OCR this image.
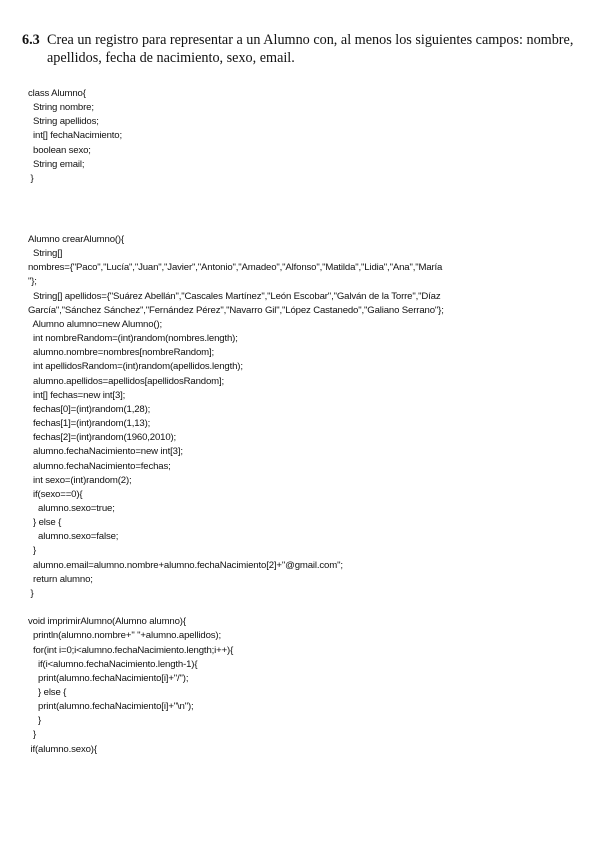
6.3 Crea un registro para representar a un Alumno con, al menos los siguientes campos: nombre, apellidos, fecha de nacimiento, sexo, email.
class Alumno{
String nombre;
String apellidos;
int[] fechaNacimiento;
boolean sexo;
String email;
}
Alumno crearAlumno(){
String[]
nombres={"Paco","Lucía","Juan","Javier","Antonio","Amadeo","Alfonso","Matilda","Lidia","Ana","María
"};
String[] apellidos={"Suárez Abellán","Cascales Martínez","León Escobar","Galván de la Torre","Díaz
García","Sánchez Sánchez","Fernández Pérez","Navarro Gil","López Castanedo","Galiano Serrano"};
Alumno alumno=new Alumno();
int nombreRandom=(int)random(nombres.length);
alumno.nombre=nombres[nombreRandom];
int apellidosRandom=(int)random(apellidos.length);
alumno.apellidos=apellidos[apellidosRandom];
int[] fechas=new int[3];
fechas[0]=(int)random(1,28);
fechas[1]=(int)random(1,13);
fechas[2]=(int)random(1960,2010);
alumno.fechaNacimiento=new int[3];
alumno.fechaNacimiento=fechas;
int sexo=(int)random(2);
if(sexo==0){
alumno.sexo=true;
} else {
alumno.sexo=false;
}
alumno.email=alumno.nombre+alumno.fechaNacimiento[2]+"@gmail.com";
return alumno;
}

void imprimirAlumno(Alumno alumno){
println(alumno.nombre+" "+alumno.apellidos);
for(int i=0;i<alumno.fechaNacimiento.length;i++){
if(i<alumno.fechaNacimiento.length-1){
print(alumno.fechaNacimiento[i]+"/");
} else {
print(alumno.fechaNacimiento[i]+"\n");
}
}
if(alumno.sexo){
